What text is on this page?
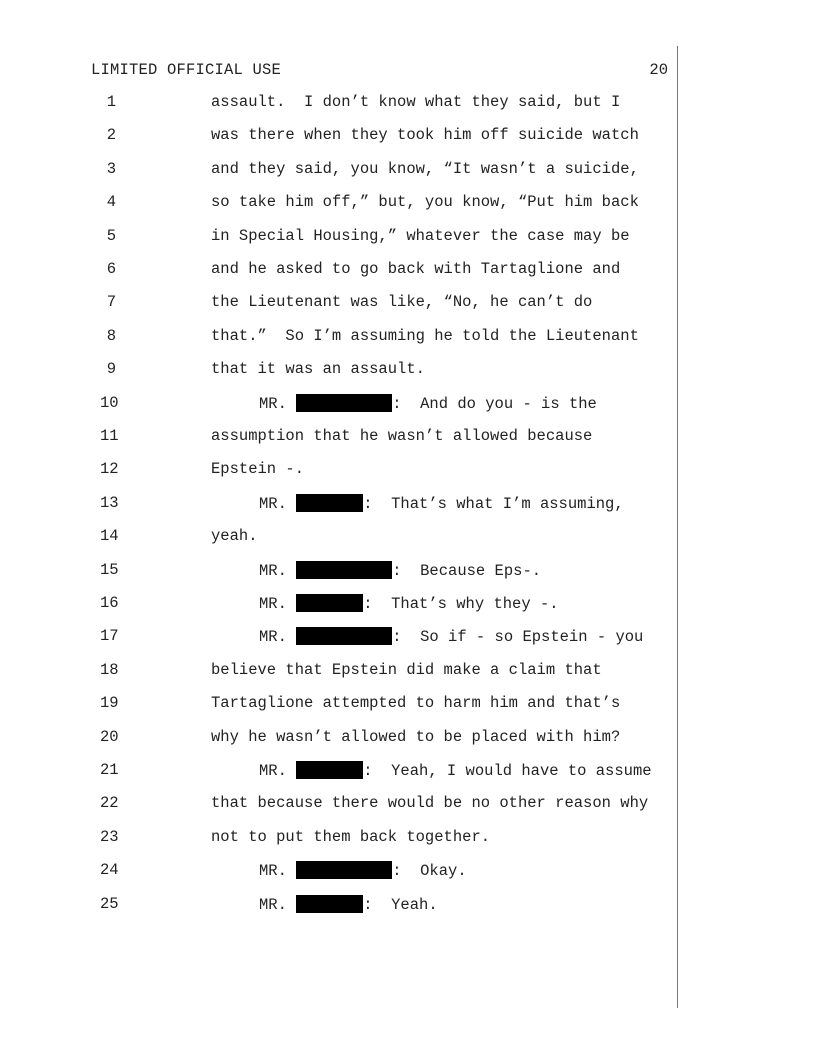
LIMITED OFFICIAL USE	20

1

	assault.  I don’t know what they said, but I

2

	was there when they took him off suicide watch

3

	and they said, you know, “It wasn’t a suicide,

4

	so take him off,” but, you know, “Put him back

5

	in Special Housing,” whatever the case may be

6

	and he asked to go back with Tartaglione and

7

	the Lieutenant was like, “No, he can’t do

8

	that.”  So I’m assuming he told the Lieutenant

9

	that it was an assault.

10

	MR.	:  And do you - is the

11

	assumption that he wasn’t allowed because

12

	Epstein -.

13

	MR.	:  That’s what I’m assuming,

14

	yeah.

15

	MR.	:  Because Eps-.

16

	MR.	:  That’s why they -.

17

	MR.	:  So if - so Epstein - you

18

	believe that Epstein did make a claim that

19

	Tartaglione attempted to harm him and that’s

20

	why he wasn’t allowed to be placed with him?

21

	MR.	:  Yeah, I would have to assume

22

	that because there would be no other reason why

23

	not to put them back together.

24

	MR.	:  Okay.

25

	MR.	:  Yeah.
